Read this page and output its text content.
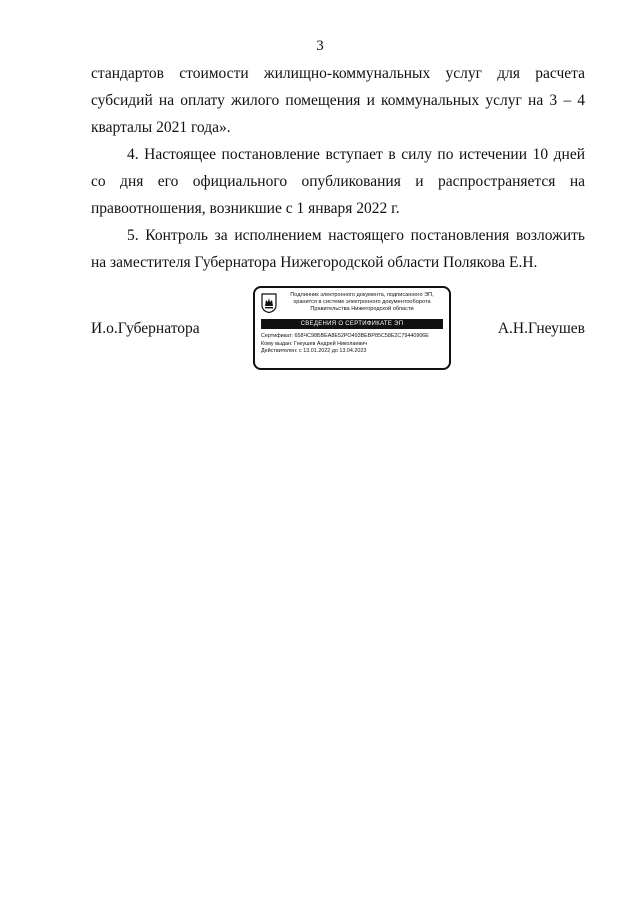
3

стандартов стоимости жилищно-коммунальных услуг для расчета субсидий на оплату жилого помещения и коммунальных услуг на 3 – 4 кварталы 2021 года».

4. Настоящее постановление вступает в силу по истечении 10 дней со дня его официального опубликования и распространяется на правоотношения, возникшие с 1 января 2022 г.

5. Контроль за исполнением настоящего постановления возложить на заместителя Губернатора Нижегородской области Полякова Е.Н.

И.о.Губернатора
Подлинник электронного документа, подписанного ЭП,
хранится в системе электронного документооборота
Правительства Нижегородской области
СВЕДЕНИЯ О СЕРТИФИКАТЕ ЭП
Сертификат: 658ЧС98БВЕА8Е52РО493ВЕВР85С58Е2С79440906Е
Кому выдан: Гнеушев Андрей Николаевич
Действителен: с 13.01.2022 до 13.04.2023
А.Н.Гнеушев
